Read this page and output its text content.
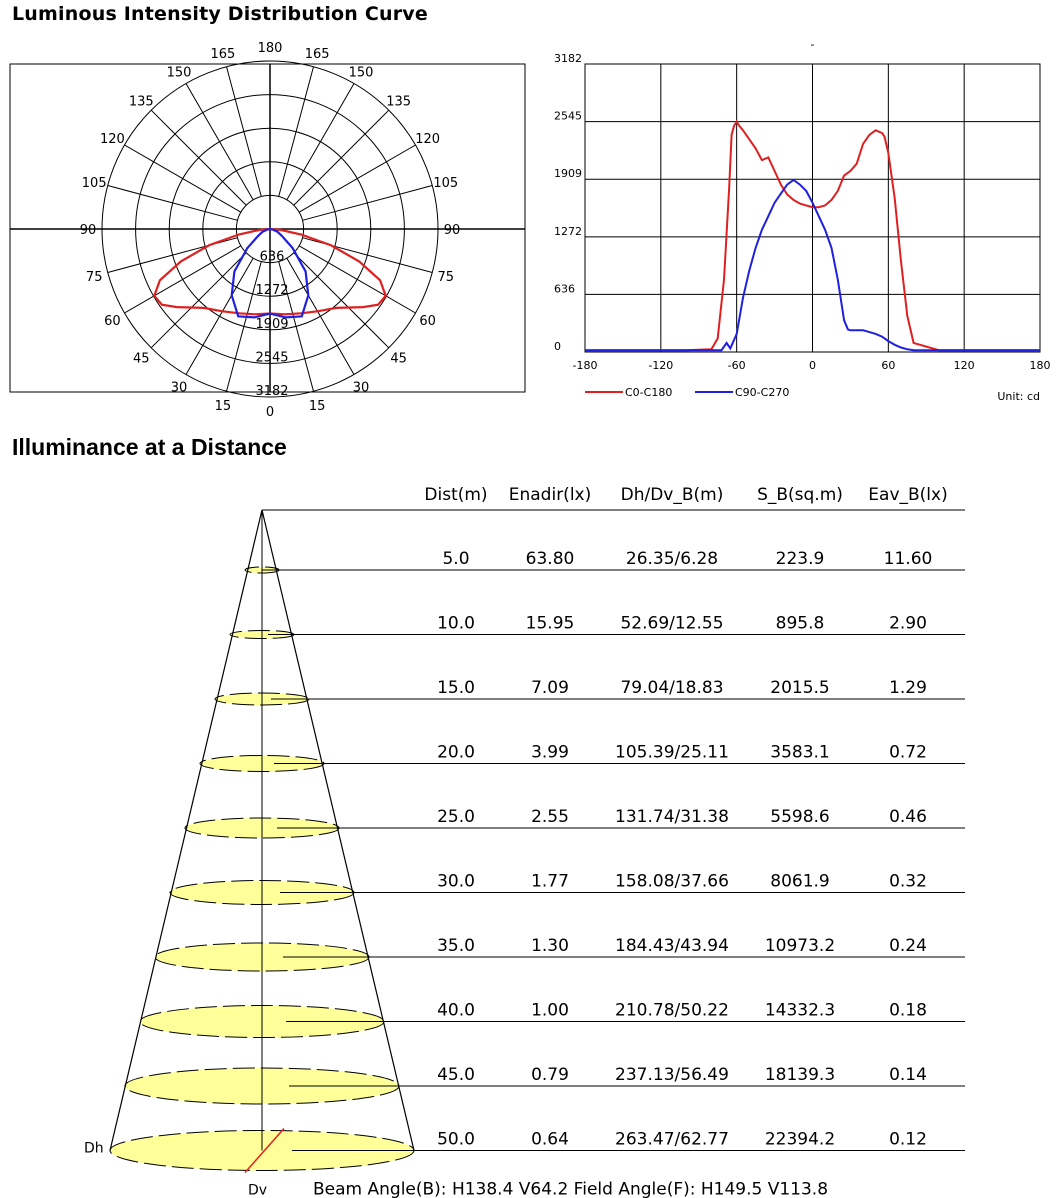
Luminous Intensity Distribution Curve
Illuminance at a Distance
180
165
150
135
120
105
90
75
60
45
30
15	0
165
150
135
120
105
90
75
60
45
30
15
636
1272
1909
2545
3182
-180	-120	-60	0	60	120	180
0
636
1272
1909
2545
3182
-
C0-C180	C90-C270	Unit: cd
Dist(m) Enadir(lx) Dh/Dv_B(m) S_B(sq.m) Eav_B(lx)
5.0	63.80	26.35/6.28	223.9	11.60
10.0	15.95	52.69/12.55	895.8	2.90
15.0	7.09	79.04/18.83	2015.5	1.29
20.0	3.99	105.39/25.11 3583.1	0.72
25.0	2.55	131.74/31.38 5598.6	0.46
30.0	1.77	158.08/37.66 8061.9	0.32
35.0	1.30	184.43/43.94 10973.2	0.24
40.0	1.00	210.78/50.22 14332.3	0.18
45.0	0.79	237.13/56.49 18139.3	0.14
50.0	0.64	263.47/62.77 22394.2	0.12
Dh
Dv	Beam Angle(B): H138.4 V64.2 Field Angle(F): H149.5 V113.8
